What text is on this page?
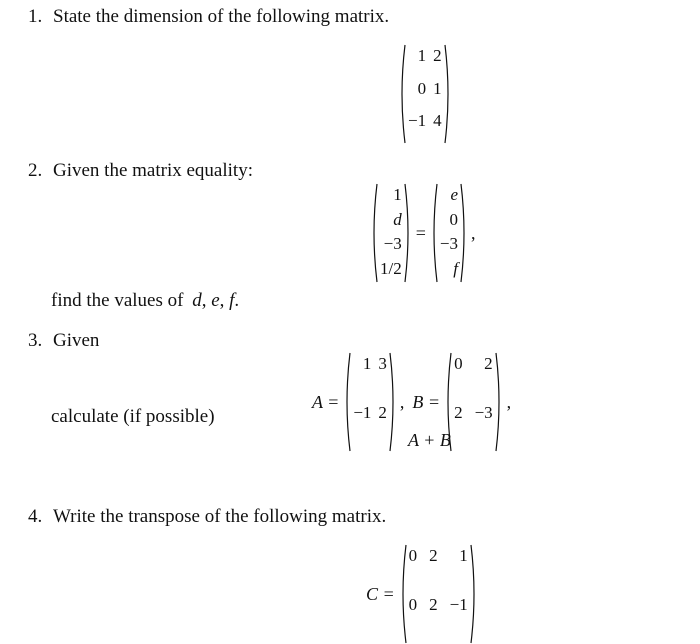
1. State the dimension of the following matrix.
1 2
0 1
−1 4
2. Given the matrix equality:
1
d
−3
1/2
=
e
0
−3
f
,
find the values of d, e, f.
3. Given
A =
1 3
−1 2
, B =
0	2
2 −3
,
calculate (if possible)
A + B
4. Write the transpose of the following matrix.
C =
0 2	1
0 2 −1
